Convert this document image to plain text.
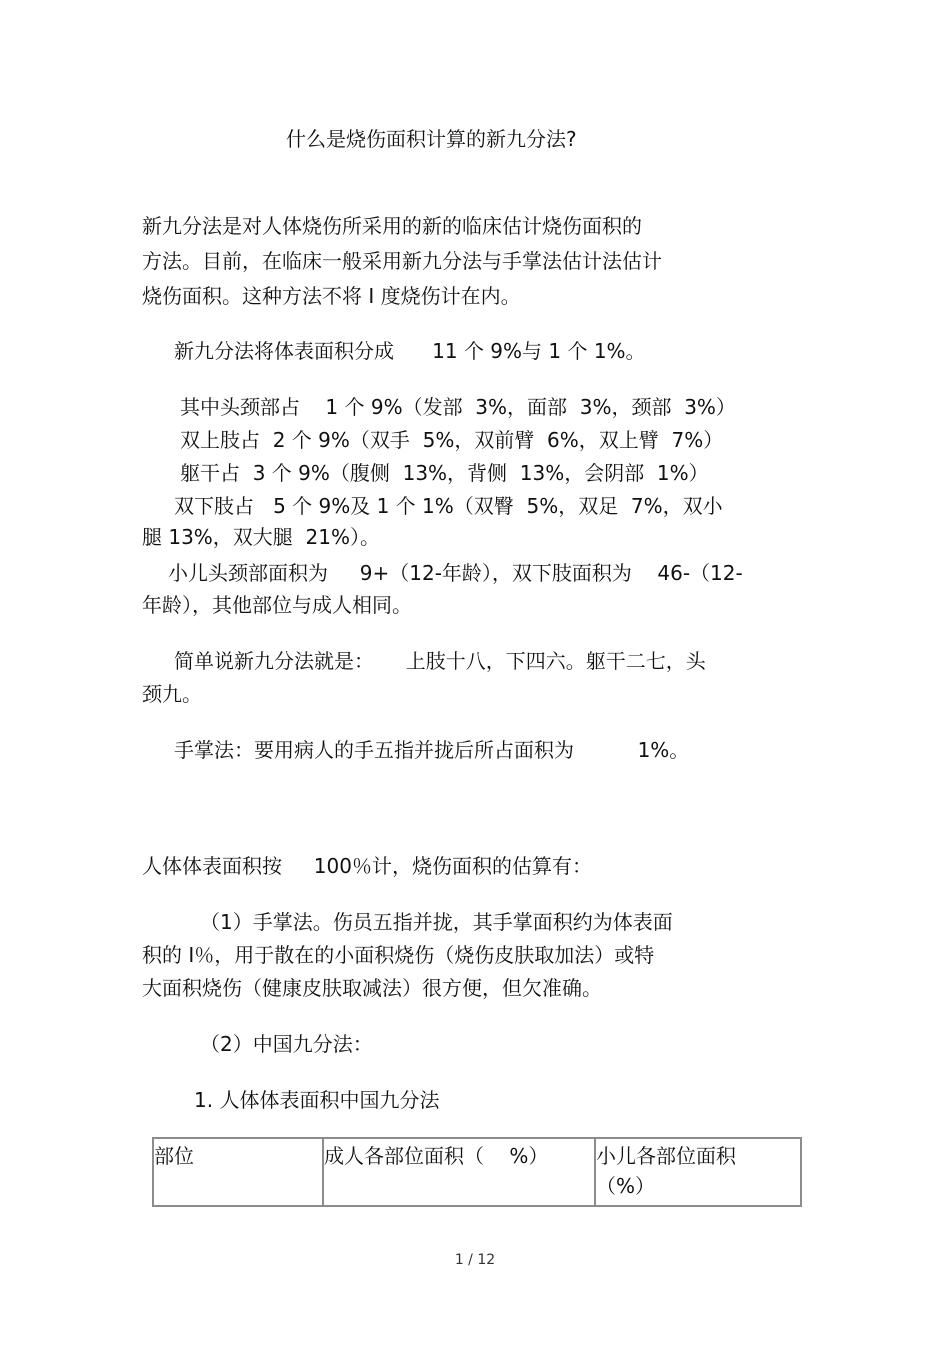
什么是烧伤面积计算的新九分法?
新九分法是对人体烧伤所采用的新的临床估计烧伤面积的
方法。目前，在临床一般采用新九分法与手掌法估计法估计
烧伤面积。这种方法不将 I 度烧伤计在内。
新九分法将体表面积分成      11 个 9%与 1 个 1%。
其中头颈部占    1 个 9%（发部  3%，面部  3%，颈部  3%）
双上肢占  2 个 9%（双手  5%，双前臂  6%，双上臂  7%）
躯干占  3 个 9%（腹侧  13%，背侧  13%，会阴部  1%）
双下肢占   5 个 9%及 1 个 1%（双臀  5%，双足  7%，双小
腿 13%，双大腿  21%）。
小儿头颈部面积为     9+（12-年龄），双下肢面积为    46-（12-
年龄），其他部位与成人相同。
简单说新九分法就是：     上肢十八，下四六。躯干二七，头
颈九。
手掌法：要用病人的手五指并拢后所占面积为          1%。
人体体表面积按     100％计，烧伤面积的估算有：
（1）手掌法。伤员五指并拢，其手掌面积约为体表面
积的 I％，用于散在的小面积烧伤（烧伤皮肤取加法）或特
大面积烧伤（健康皮肤取减法）很方便，但欠准确。
（2）中国九分法：
1. 人体体表面积中国九分法
部位	成人各部位面积（    %）	小儿各部位面积
（%）
1 / 12
